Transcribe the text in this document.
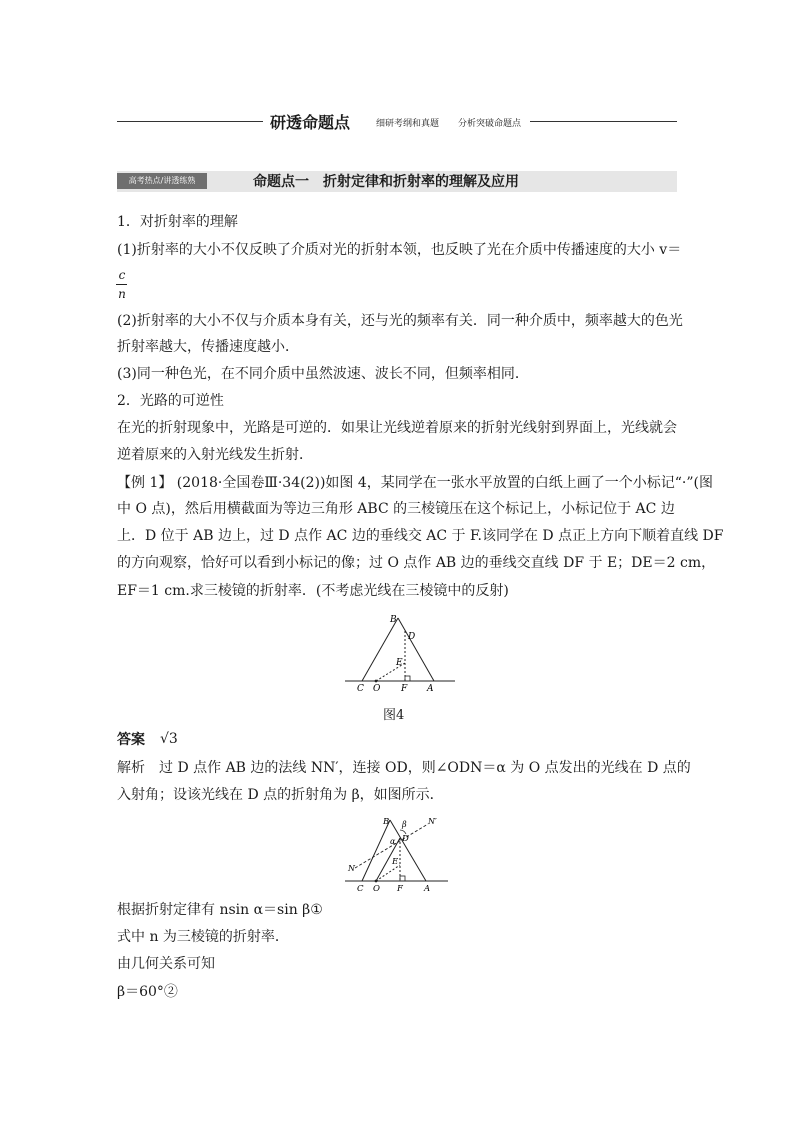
研透命题点	细研考纲和真题 分析突破命题点
高考热点/讲透练熟	命题点一　折射定律和折射率的理解及应用
1．对折射率的理解
(1)折射率的大小不仅反映了介质对光的折射本领，也反映了光在介质中传播速度的大小 v＝
c
n
(2)折射率的大小不仅与介质本身有关，还与光的频率有关．同一种介质中，频率越大的色光
折射率越大，传播速度越小．
(3)同一种色光，在不同介质中虽然波速、波长不同，但频率相同．
2．光路的可逆性
在光的折射现象中，光路是可逆的．如果让光线逆着原来的折射光线射到界面上，光线就会
逆着原来的入射光线发生折射．
【例 1】 (2018·全国卷Ⅲ·34(2))如图 4，某同学在一张水平放置的白纸上画了一个小标记“·”(图
中 O 点)，然后用横截面为等边三角形 ABC 的三棱镜压在这个标记上，小标记位于 AC 边
上．D 位于 AB 边上，过 D 点作 AC 边的垂线交 AC 于 F.该同学在 D 点正上方向下顺着直线 DF
的方向观察，恰好可以看到小标记的像；过 O 点作 AB 边的垂线交直线 DF 于 E；DE＝2 cm，
EF＝1 cm.求三棱镜的折射率．(不考虑光线在三棱镜中的反射)
B
D
E
C O F A
图4
答案 √3
解析　过 D 点作 AB 边的法线 NN′，连接 OD，则∠ODN＝α 为 O 点发出的光线在 D 点的
入射角；设该光线在 D 点的折射角为 β，如图所示．
B β	N′
D
α
E
N
C O F A
根据折射定律有 nsin α＝sin β①
式中 n 为三棱镜的折射率．
由几何关系可知
β＝60°②
